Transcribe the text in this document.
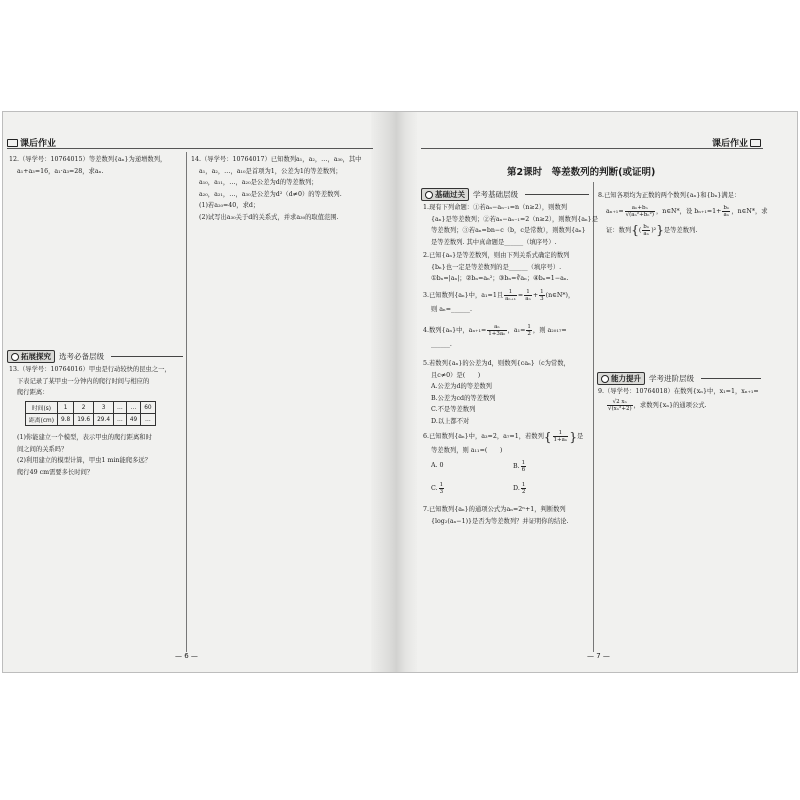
课后作业

12.（导学号：10764015）等差数列{aₙ}为递增数列，

a₁+a₃=16，a₁·a₃=28，求aₙ.

14.（导学号：10764017）已知数列a₁，a₂，…，a₃₀，其中

a₁，a₂，…，a₁₀是首项为1，公差为1的等差数列；

a₁₀，a₁₁，…，a₂₀是公差为d的等差数列；

a₂₀，a₂₁，…，a₃₀是公差为d²（d≠0）的等差数列.

(1)若a₂₀=40，求d；

(2)试写出a₃₀关于d的关系式，并求a₃₀的取值范围.

拓展探究 选考必备层级

13.（导学号：10764016）甲虫是行动较快的昆虫之一，

下表记录了某甲虫一分钟内的爬行时间与相应的

爬行距离：

时间(s)	1	2	3	…	…	60
距离(cm)	9.8	19.6	29.4	…	49	…

(1)你能建立一个模型，表示甲虫的爬行距离和时

间之间的关系吗？

(2)利用建立的模型计算，甲虫1 min能爬多远？

爬行49 cm需要多长时间？

— 6 —
课后作业
第2课时　等差数列的判断(或证明)
基础过关 学考基础层级

1.现有下列命题：①若aₙ−aₙ₋₁=n（n≥2），则数列

{aₙ}是等差数列；②若aₙ−aₙ₋₁=2（n≥2），则数列{aₙ}是

等差数列；③若aₙ=bn−c（b，c是常数），则数列{aₙ}

是等差数列. 其中真命题是______（填序号）.

2.已知{aₙ}是等差数列，则由下列关系式确定的数列

{bₙ}也一定是等差数列的是______（填序号）.

①bₙ=|aₙ|；②bₙ=aₙ²；③bₙ=∛aₙ；④bₙ=1−aₙ.

3.已知数列{aₙ}中，a₁=1且 $\frac{1}{\text{aₙ₊₁}} = \frac{1}{\text{aₙ}} + \frac{1}{3}$ (n∈N*)，

则 aₙ=______.

4.数列{aₙ}中，$a_{n+1}= \frac{\text{aₙ}}{\text{1+3aₙ}}$ ，$a_1= \frac{1}{2}$ ，则 a₂₀₁₇=

______.

5.若数列{aₙ}的公差为d，则数列{caₙ}（c为常数，

且c≠0）是(　　)

A.公差为d的等差数列

B.公差为cd的等差数列

C.不是等差数列

D.以上都不对

6.已知数列{aₙ}中，a₃=2，a₇=1，若数列{ $\frac{1}{\text{1+aₙ}}$ }是

等差数列，则 a₁₁=(　　)

A. 0	B. $\frac{1}{6}$
C. $\frac{1}{3}$	D. $\frac{1}{2}$

7.已知数列{aₙ}的通项公式为aₙ=2ⁿ+1，判断数列

{log₂(aₙ−1)}是否为等差数列？并证明你的结论.

8.已知各项均为正数的两个数列{aₙ}和{bₙ}满足：

$a_{n+1}= \frac{\text{aₙ+bₙ}}{\text{√(aₙ²+bₙ²)}}$ ，n∈N*，设 $b_{n+1}=1+ \frac{\text{bₙ}}{\text{aₙ}}$ ，n∈N*，求

证：数列{( $\frac{\text{bₙ}}{\text{aₙ}} )^2$}是等差数列.

能力提升 学考进阶层级

9.（导学号：10764018）在数列{xₙ}中，x₁=1，xₙ₊₁=

$\frac{\text{√2 xₙ}}{\text{√(xₙ²+2)}}$ ，求数列{xₙ}的通项公式.

— 7 —
